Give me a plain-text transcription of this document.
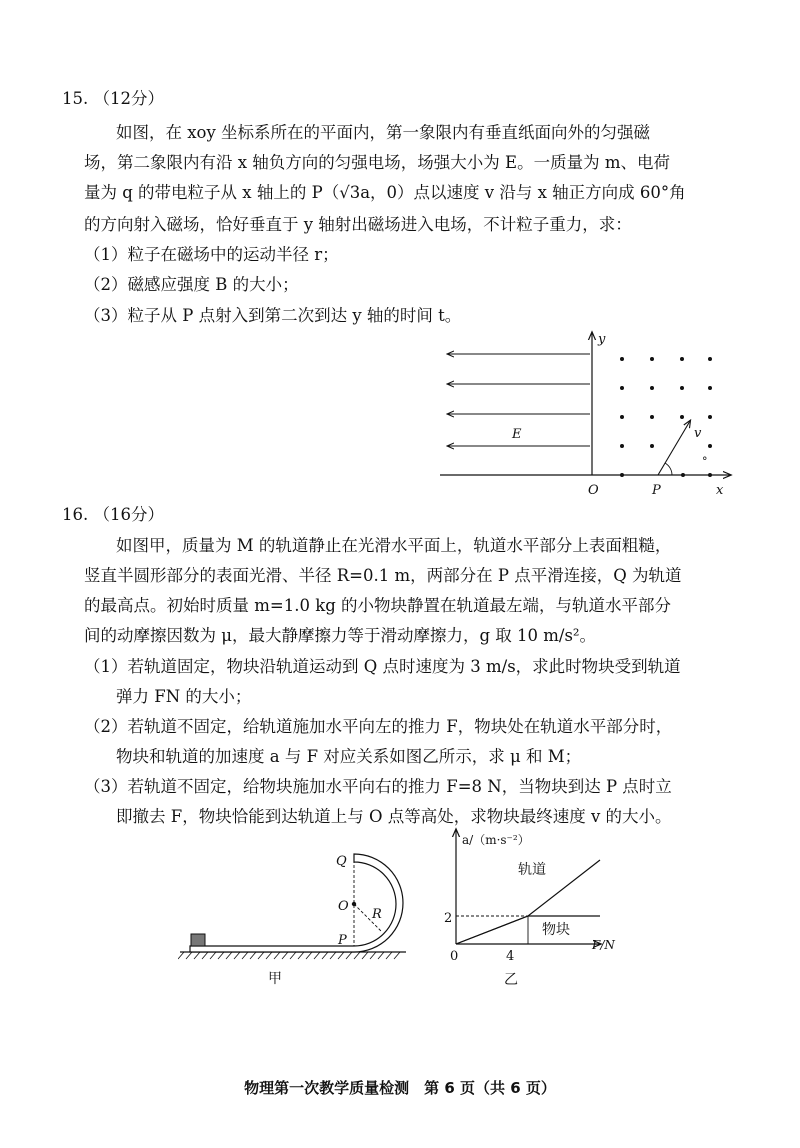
15. （12分）
如图，在 xoy 坐标系所在的平面内，第一象限内有垂直纸面向外的匀强磁
场，第二象限内有沿 x 轴负方向的匀强电场，场强大小为 E。一质量为 m、电荷
量为 q 的带电粒子从 x 轴上的 P（√3a，0）点以速度 v 沿与 x 轴正方向成 60°角
的方向射入磁场，恰好垂直于 y 轴射出磁场进入电场，不计粒子重力，求：
（1）粒子在磁场中的运动半径 r；
（2）磁感应强度 B 的大小；
（3）粒子从 P 点射入到第二次到达 y 轴的时间 t。
y
x
O	P
E	v
°
16. （16分）
如图甲，质量为 M 的轨道静止在光滑水平面上，轨道水平部分上表面粗糙，
竖直半圆形部分的表面光滑、半径 R=0.1 m，两部分在 P 点平滑连接，Q 为轨道
的最高点。初始时质量 m=1.0 kg 的小物块静置在轨道最左端，与轨道水平部分
间的动摩擦因数为 μ，最大静摩擦力等于滑动摩擦力，g 取 10 m/s²。
（1）若轨道固定，物块沿轨道运动到 Q 点时速度为 3 m/s，求此时物块受到轨道
弹力 FN 的大小；
（2）若轨道不固定，给轨道施加水平向左的推力 F，物块处在轨道水平部分时，
物块和轨道的加速度 a 与 F 对应关系如图乙所示，求 μ 和 M；
（3）若轨道不固定，给物块施加水平向右的推力 F=8 N，当物块到达 P 点时立
即撤去 F，物块恰能到达轨道上与 O 点等高处，求物块最终速度 v 的大小。
Q
O
R
P
甲
a/（m·s⁻²）
F/N
轨道
物块
2
4
0
乙
物理第一次教学质量检测　第 6 页（共 6 页）
